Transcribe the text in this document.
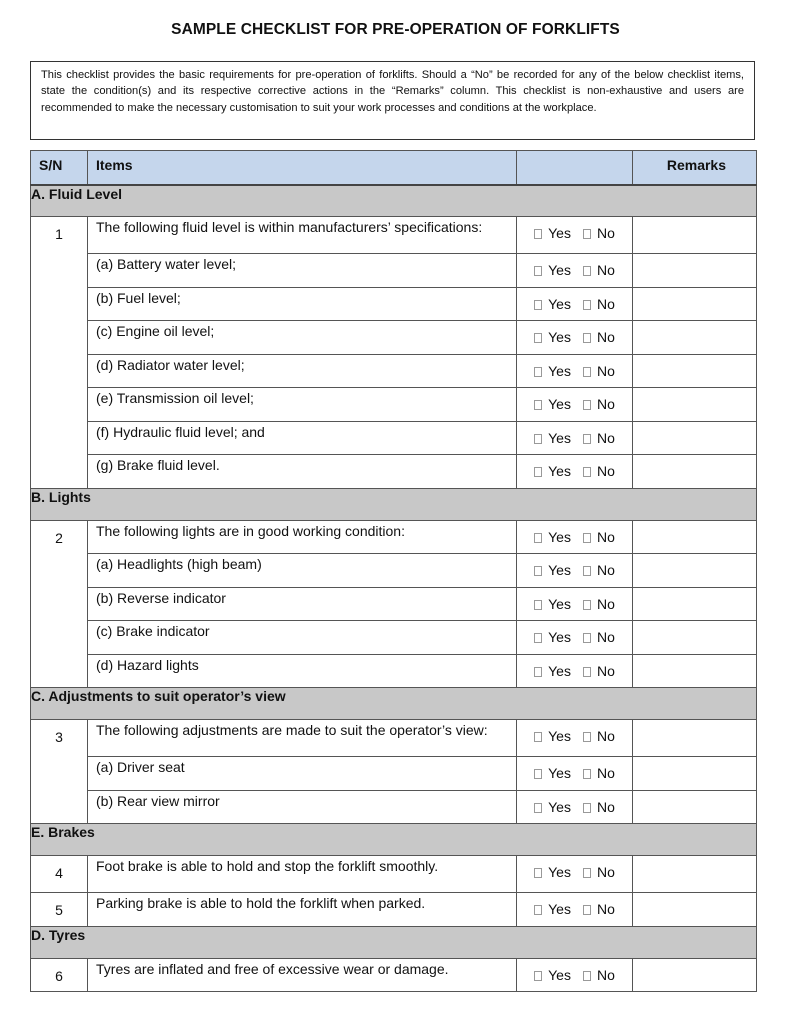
SAMPLE CHECKLIST FOR PRE-OPERATION OF FORKLIFTS
This checklist provides the basic requirements for pre-operation of forklifts. Should a “No” be recorded for any of the below checklist items, state the condition(s) and its respective corrective actions in the “Remarks” column. This checklist is non-exhaustive and users are recommended to make the necessary customisation to suit your work processes and conditions at the workplace.
S/N	Items		Remarks
A. Fluid Level			
1	The following fluid level is within manufacturers’ specifications:	Yes No	
	(a) Battery water level;	Yes No	
	(b) Fuel level;	Yes No	
	(c) Engine oil level;	Yes No	
	(d) Radiator water level;	Yes No	
	(e) Transmission oil level;	Yes No	
	(f) Hydraulic fluid level; and	Yes No	
	(g) Brake fluid level.	Yes No	
B. Lights			
2	The following lights are in good working condition:	Yes No	
	(a) Headlights (high beam)	Yes No	
	(b) Reverse indicator	Yes No	
	(c) Brake indicator	Yes No	
	(d) Hazard lights	Yes No	
C. Adjustments to suit operator’s view			
3	The following adjustments are made to suit the operator’s view:	Yes No	
	(a) Driver seat	Yes No	
	(b) Rear view mirror	Yes No	
E. Brakes			
4	Foot brake is able to hold and stop the forklift smoothly.	Yes No	
5	Parking brake is able to hold the forklift when parked.	Yes No	
D. Tyres			
6	Tyres are inflated and free of excessive wear or damage.	Yes No	
